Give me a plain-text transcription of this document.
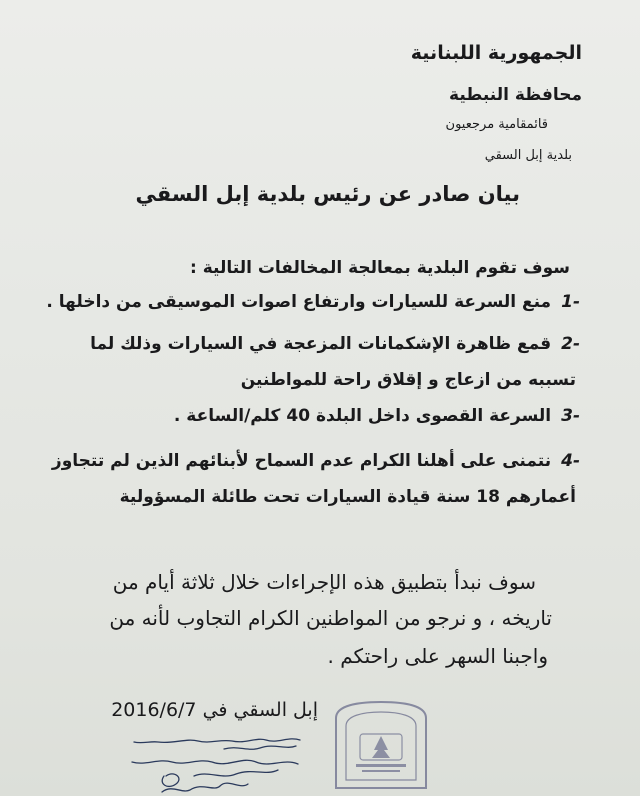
الجمهورية اللبنانية
محافظة النبطية
قائمقامية مرجعيون
بلدية إبل السقي
بيان صادر عن رئيس بلدية إبل السقي
سوف تقوم البلدية بمعالجة المخالفات التالية :
-1منع السرعة للسيارات وارتفاع اصوات الموسيقى من داخلها .
-2قمع ظاهرة الإشكمانات المزعجة في السيارات وذلك لما
تسببه من ازعاج و إقلاق راحة للمواطنين
-3السرعة القصوى داخل البلدة 40 كلم/الساعة .
-4نتمنى على أهلنا الكرام عدم السماح لأبنائهم الذين لم تتجاوز
أعمارهم 18 سنة قيادة السيارات تحت طائلة المسؤولية
سوف نبدأ بتطبيق هذه الإجراءات خلال ثلاثة أيام من
تاريخه ، و نرجو من المواطنين الكرام التجاوب لأنه من
واجبنا السهر على راحتكم .
إبل السقي في 2016/6/7
